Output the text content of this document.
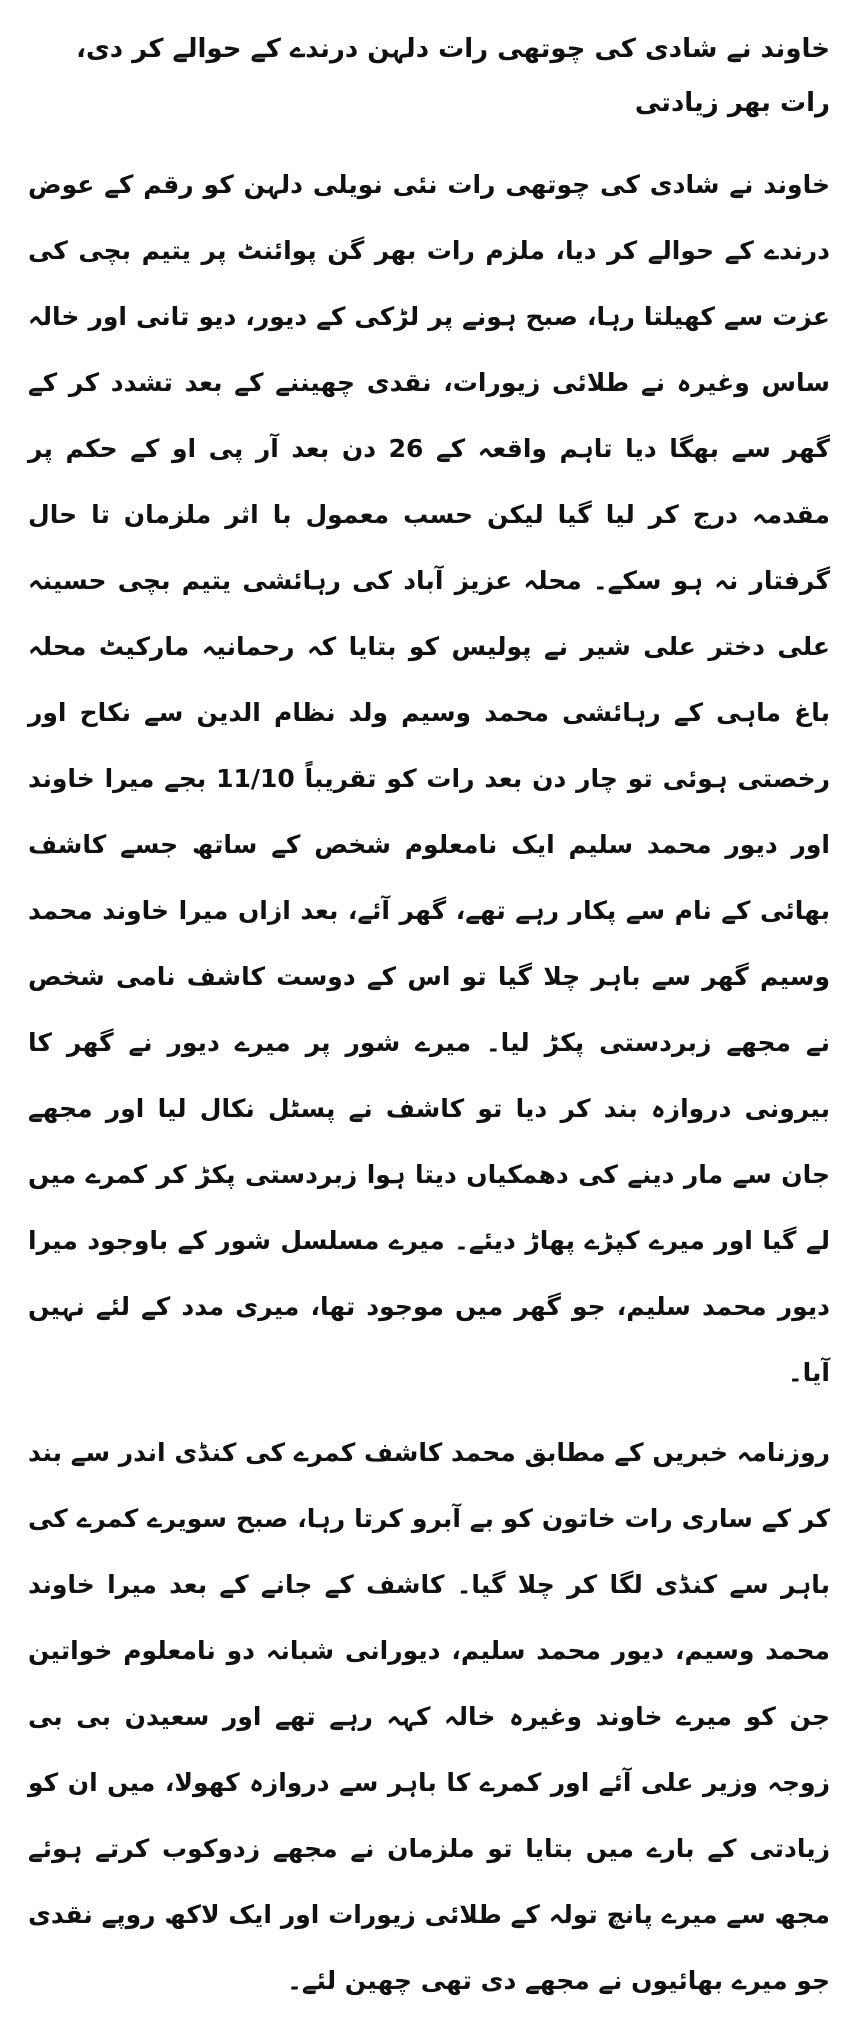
خاوند نے شادی کی چوتھی رات دلہن درندے کے حوالے کر دی، رات بھر زیادتی

خاوند نے شادی کی چوتھی رات نئی نویلی دلہن کو رقم کے عوض درندے کے حوالے کر دیا، ملزم رات بھر گن پوائنٹ پر یتیم بچی کی عزت سے کھیلتا رہا، صبح ہونے پر لڑکی کے دیور، دیو تانی اور خالہ ساس وغیرہ نے طلائی زیورات، نقدی چھیننے کے بعد تشدد کر کے گھر سے بھگا دیا تاہم واقعہ کے 26 دن بعد آر پی او کے حکم پر مقدمہ درج کر لیا گیا لیکن حسب معمول با اثر ملزمان تا حال گرفتار نہ ہو سکے۔ محلہ عزیز آباد کی رہائشی یتیم بچی حسینہ علی دختر علی شیر نے پولیس کو بتایا کہ رحمانیہ مارکیٹ محلہ باغ ماہی کے رہائشی محمد وسیم ولد نظام الدین سے نکاح اور رخصتی ہوئی تو چار دن بعد رات کو تقریباً 11/10 بجے میرا خاوند اور دیور محمد سلیم ایک نامعلوم شخص کے ساتھ جسے کاشف بھائی کے نام سے پکار رہے تھے، گھر آئے، بعد ازاں میرا خاوند محمد وسیم گھر سے باہر چلا گیا تو اس کے دوست کاشف نامی شخص نے مجھے زبردستی پکڑ لیا۔ میرے شور پر میرے دیور نے گھر کا بیرونی دروازہ بند کر دیا تو کاشف نے پسٹل نکال لیا اور مجھے جان سے مار دینے کی دھمکیاں دیتا ہوا زبردستی پکڑ کر کمرے میں لے گیا اور میرے کپڑے پھاڑ دیئے۔ میرے مسلسل شور کے باوجود میرا دیور محمد سلیم، جو گھر میں موجود تھا، میری مدد کے لئے نہیں آیا۔

روزنامہ خبریں کے مطابق محمد کاشف کمرے کی کنڈی اندر سے بند کر کے ساری رات خاتون کو بے آبرو کرتا رہا، صبح سویرے کمرے کی باہر سے کنڈی لگا کر چلا گیا۔ کاشف کے جانے کے بعد میرا خاوند محمد وسیم، دیور محمد سلیم، دیورانی شبانہ دو نامعلوم خواتین جن کو میرے خاوند وغیرہ خالہ کہہ رہے تھے اور سعیدن بی بی زوجہ وزیر علی آئے اور کمرے کا باہر سے دروازہ کھولا، میں ان کو زیادتی کے بارے میں بتایا تو ملزمان نے مجھے زدوکوب کرتے ہوئے مجھ سے میرے پانچ تولہ کے طلائی زیورات اور ایک لاکھ روپے نقدی جو میرے بھائیوں نے مجھے دی تھی چھین لئے۔
